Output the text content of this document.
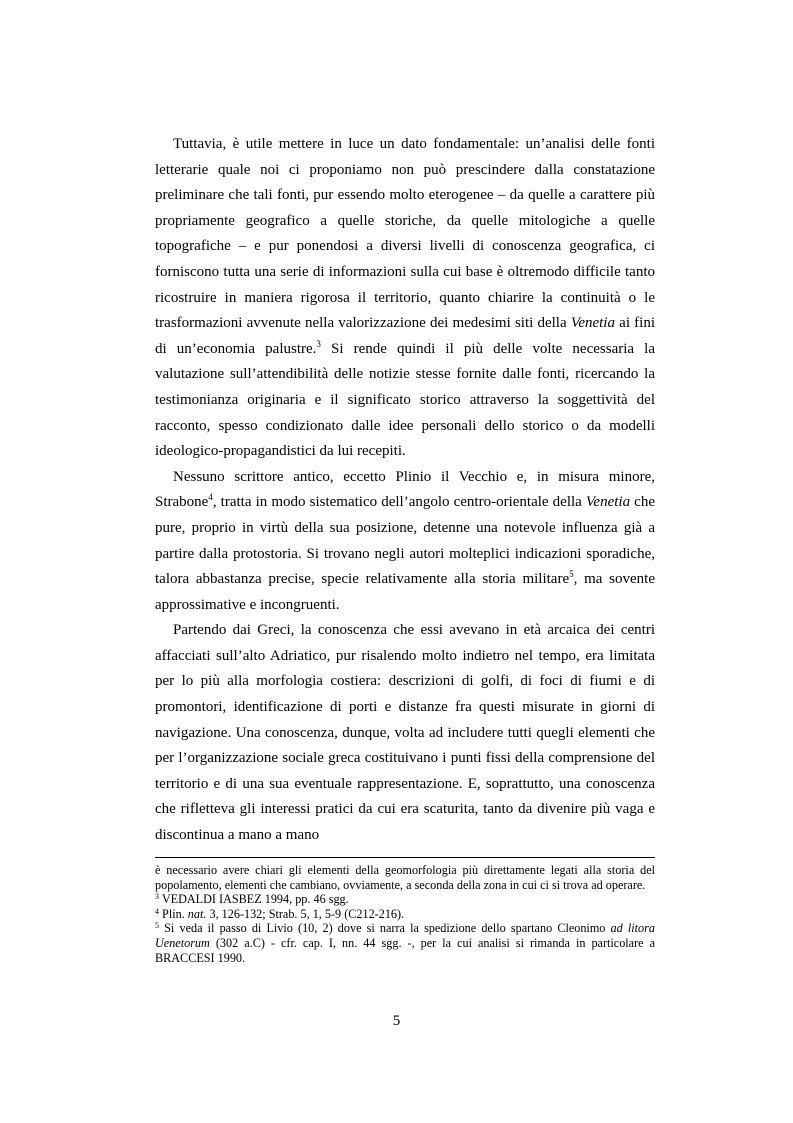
Tuttavia, è utile mettere in luce un dato fondamentale: un’analisi delle fonti letterarie quale noi ci proponiamo non può prescindere dalla constatazione preliminare che tali fonti, pur essendo molto eterogenee – da quelle a carattere più propriamente geografico a quelle storiche, da quelle mitologiche a quelle topografiche – e pur ponendosi a diversi livelli di conoscenza geografica, ci forniscono tutta una serie di informazioni sulla cui base è oltremodo difficile tanto ricostruire in maniera rigorosa il territorio, quanto chiarire la continuità o le trasformazioni avvenute nella valorizzazione dei medesimi siti della Venetia ai fini di un’economia palustre.$^3$ Si rende quindi il più delle volte necessaria la valutazione sull’attendibilità delle notizie stesse fornite dalle fonti, ricercando la testimonianza originaria e il significato storico attraverso la soggettività del racconto, spesso condizionato dalle idee personali dello storico o da modelli ideologico-propagandistici da lui recepiti.

Nessuno scrittore antico, eccetto Plinio il Vecchio e, in misura minore, Strabone$^4$, tratta in modo sistematico dell’angolo centro-orientale della Venetia che pure, proprio in virtù della sua posizione, detenne una notevole influenza già a partire dalla protostoria. Si trovano negli autori molteplici indicazioni sporadiche, talora abbastanza precise, specie relativamente alla storia militare$^5$, ma sovente approssimative e incongruenti.

Partendo dai Greci, la conoscenza che essi avevano in età arcaica dei centri affacciati sull’alto Adriatico, pur risalendo molto indietro nel tempo, era limitata per lo più alla morfologia costiera: descrizioni di golfi, di foci di fiumi e di promontori, identificazione di porti e distanze fra questi misurate in giorni di navigazione. Una conoscenza, dunque, volta ad includere tutti quegli elementi che per l’organizzazione sociale greca costituivano i punti fissi della comprensione del territorio e di una sua eventuale rappresentazione. E, soprattutto, una conoscenza che rifletteva gli interessi pratici da cui era scaturita, tanto da divenire più vaga e discontinua a mano a mano

è necessario avere chiari gli elementi della geomorfologia più direttamente legati alla storia del popolamento, elementi che cambiano, ovviamente, a seconda della zona in cui ci si trova ad operare.

$^3$ VEDALDI IASBEZ 1994, pp. 46 sgg.

$^4$ Plin. nat. 3, 126-132; Strab. 5, 1, 5-9 (C212-216).

$^5$ Si veda il passo di Livio (10, 2) dove si narra la spedizione dello spartano Cleonimo ad litora Uenetorum (302 a.C) - cfr. cap. I, nn. 44 sgg. -, per la cui analisi si rimanda in particolare a BRACCESI 1990.

5
